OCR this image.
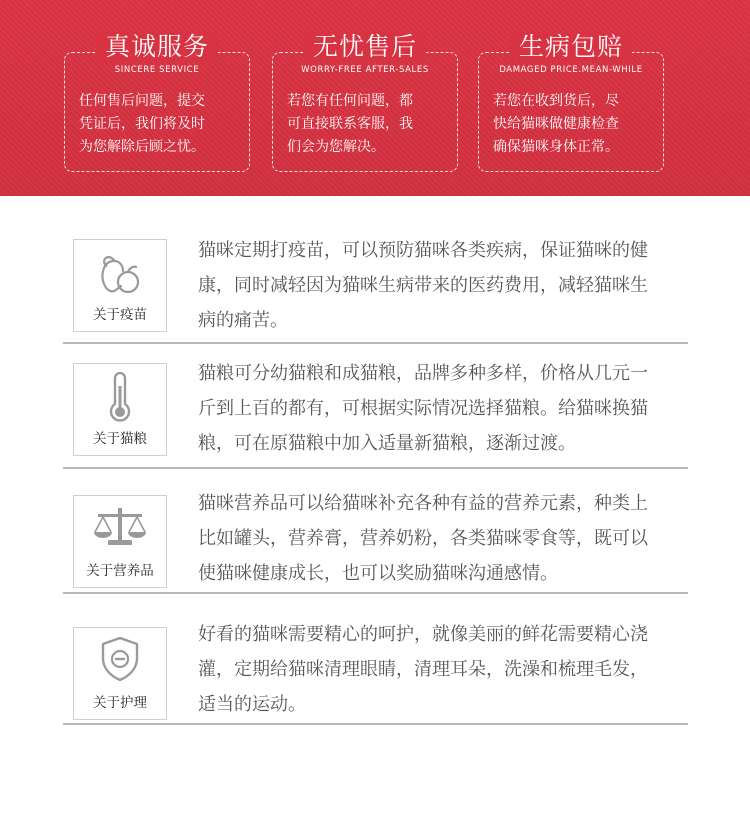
真诚服务
SINCERE SERVICE
任何售后问题，提交
凭证后，我们将及时
为您解除后顾之忧。
无忧售后
WORRY-FREE AFTER-SALES
若您有任何问题，都
可直接联系客服，我
们会为您解决。
生病包赔
DAMAGED PRICE.MEAN-WHILE
若您在收到货后，尽
快给猫咪做健康检查
确保猫咪身体正常。
关于疫苗
猫咪定期打疫苗，可以预防猫咪各类疾病，保证猫咪的健
康，同时减轻因为猫咪生病带来的医药费用，减轻猫咪生
病的痛苦。
关于猫粮
猫粮可分幼猫粮和成猫粮，品牌多种多样，价格从几元一
斤到上百的都有，可根据实际情况选择猫粮。给猫咪换猫
粮，可在原猫粮中加入适量新猫粮，逐渐过渡。
关于营养品
猫咪营养品可以给猫咪补充各种有益的营养元素，种类上
比如罐头，营养膏，营养奶粉，各类猫咪零食等，既可以
使猫咪健康成长，也可以奖励猫咪沟通感情。
关于护理
好看的猫咪需要精心的呵护，就像美丽的鲜花需要精心浇
灌，定期给猫咪清理眼睛，清理耳朵，洗澡和梳理毛发，
适当的运动。
